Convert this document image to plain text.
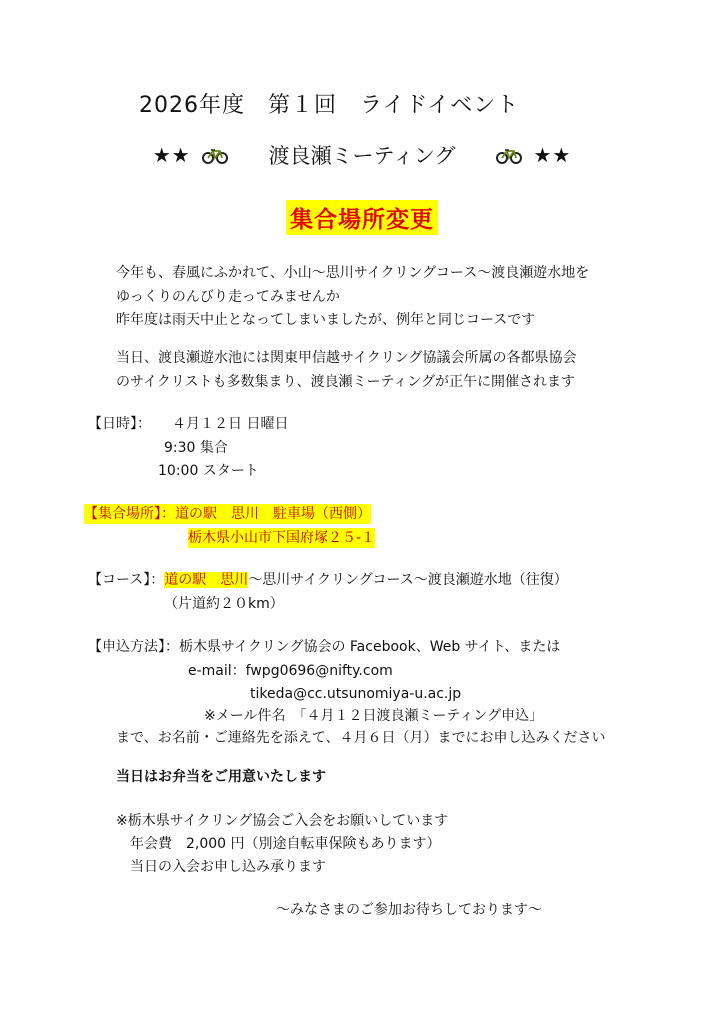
2026年度　第１回　ライドイベント
★★	渡良瀬ミーティング	★★
集合場所変更
今年も、春風にふかれて、小山～思川サイクリングコース～渡良瀬遊水地を
ゆっくりのんびり走ってみませんか
昨年度は雨天中止となってしまいましたが、例年と同じコースです
当日、渡良瀬遊水池には関東甲信越サイクリング協議会所属の各都県協会
のサイクリストも多数集まり、渡良瀬ミーティングが正午に開催されます
【日時】： ４月１２日 日曜日
9:30 集合
10:00 スタート
【集合場所】：道の駅　思川　駐車場（西側）
栃木県小山市下国府塚２５-１
【コース】：道の駅　思川～思川サイクリングコース～渡良瀬遊水地（往復）
（片道約２０km）
【申込方法】：栃木県サイクリング協会の Facebook、Web サイト、または
e-mail：fwpg0696@nifty.com
tikeda@cc.utsunomiya-u.ac.jp
※メール件名　「４月１２日渡良瀬ミーティング申込」
まで、お名前・ご連絡先を添えて、４月６日（月）までにお申し込みください
当日はお弁当をご用意いたします
※栃木県サイクリング協会ご入会をお願いしています
年会費　2,000 円（別途自転車保険もあります）
当日の入会お申し込み承ります
～みなさまのご参加お待ちしております～
